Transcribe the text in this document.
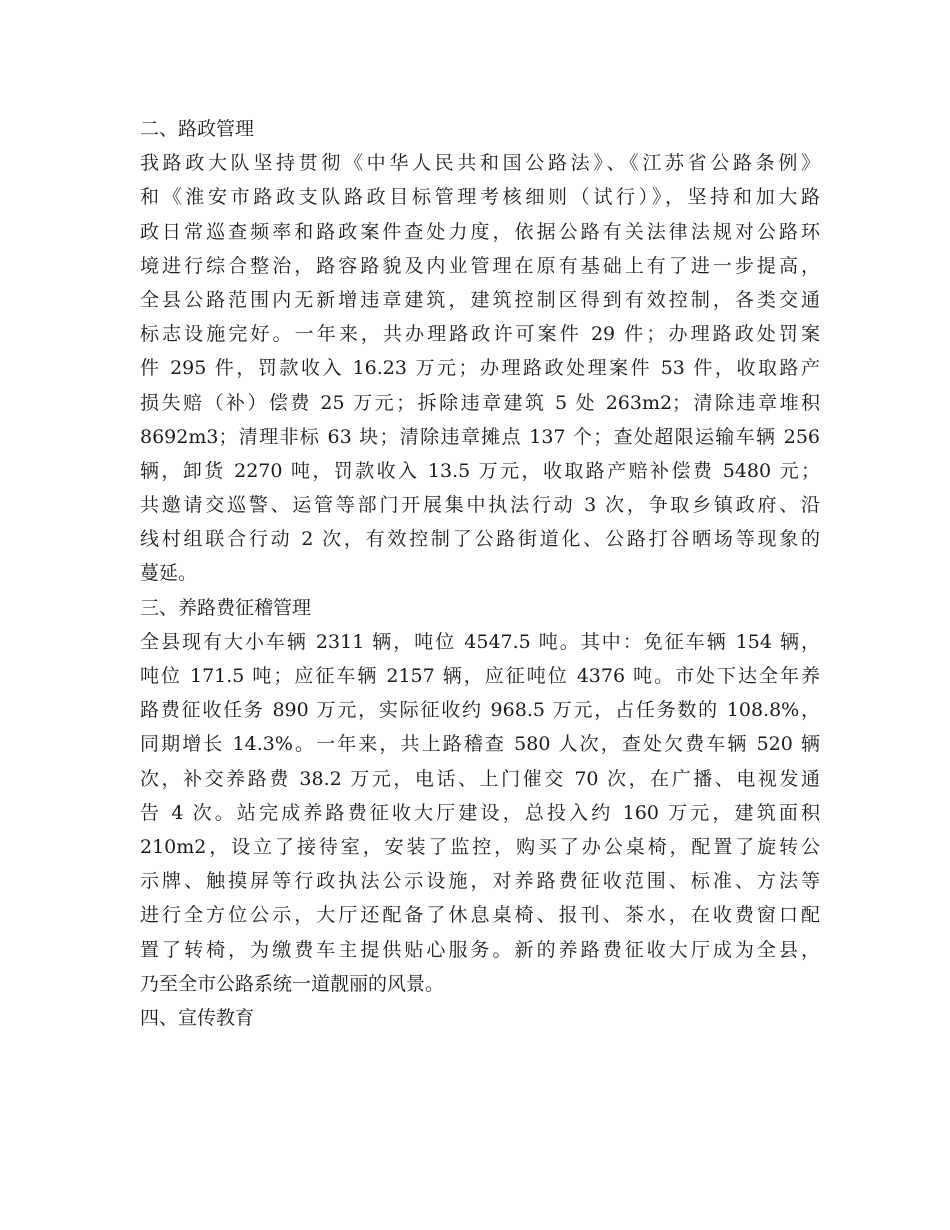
二、路政管理
我路政大队坚持贯彻《中华人民共和国公路法》、《江苏省公路条例》
和《淮安市路政支队路政目标管理考核细则（试行）》，坚持和加大路
政日常巡查频率和路政案件查处力度，依据公路有关法律法规对公路环
境进行综合整治，路容路貌及内业管理在原有基础上有了进一步提高，
全县公路范围内无新增违章建筑，建筑控制区得到有效控制，各类交通
标志设施完好。一年来，共办理路政许可案件 29 件；办理路政处罚案
件 295 件，罚款收入 16.23 万元；办理路政处理案件 53 件，收取路产
损失赔（补）偿费 25 万元；拆除违章建筑 5 处 263m2；清除违章堆积
8692m3；清理非标 63 块；清除违章摊点 137 个；查处超限运输车辆 256
辆，卸货 2270 吨，罚款收入 13.5 万元，收取路产赔补偿费 5480 元；
共邀请交巡警、运管等部门开展集中执法行动 3 次，争取乡镇政府、沿
线村组联合行动 2 次，有效控制了公路街道化、公路打谷晒场等现象的
蔓延。
三、养路费征稽管理
全县现有大小车辆 2311 辆，吨位 4547.5 吨。其中：免征车辆 154 辆，
吨位 171.5 吨；应征车辆 2157 辆，应征吨位 4376 吨。市处下达全年养
路费征收任务 890 万元，实际征收约 968.5 万元，占任务数的 108.8%，
同期增长 14.3%。一年来，共上路稽查 580 人次，查处欠费车辆 520 辆
次，补交养路费 38.2 万元，电话、上门催交 70 次，在广播、电视发通
告 4 次。站完成养路费征收大厅建设，总投入约 160 万元，建筑面积
210m2，设立了接待室，安装了监控，购买了办公桌椅，配置了旋转公
示牌、触摸屏等行政执法公示设施，对养路费征收范围、标准、方法等
进行全方位公示，大厅还配备了休息桌椅、报刊、茶水，在收费窗口配
置了转椅，为缴费车主提供贴心服务。新的养路费征收大厅成为全县，
乃至全市公路系统一道靓丽的风景。
四、宣传教育
